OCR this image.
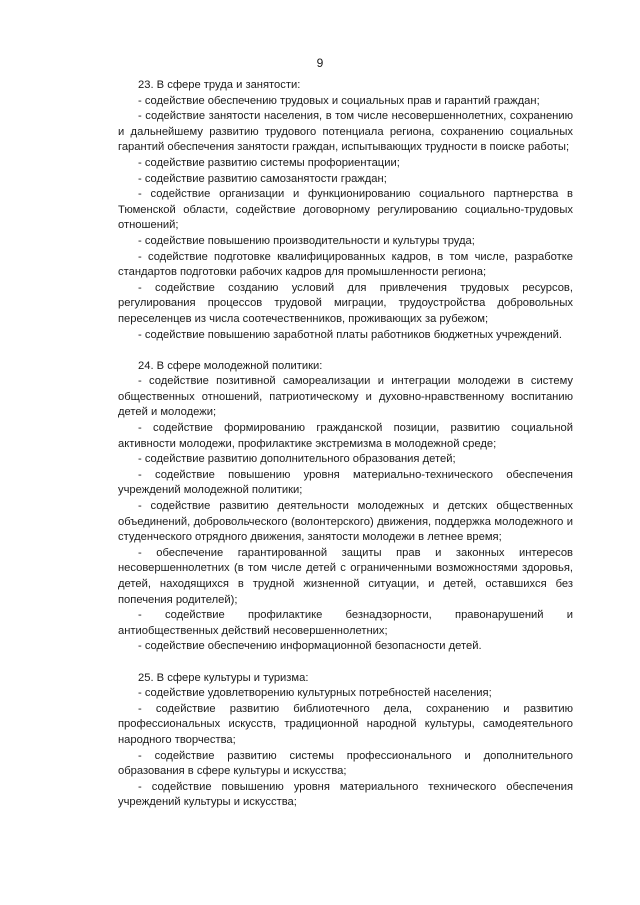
9

23. В сфере труда и занятости:

- содействие обеспечению трудовых и социальных прав и гарантий граждан;

- содействие занятости населения, в том числе несовершеннолетних, сохранению и дальнейшему развитию трудового потенциала региона, сохранению социальных гарантий обеспечения занятости граждан, испытывающих трудности в поиске работы;

- содействие развитию системы профориентации;

- содействие развитию самозанятости граждан;

- содействие организации и функционированию социального партнерства в Тюменской области, содействие договорному регулированию социально-трудовых отношений;

- содействие повышению производительности и культуры труда;

- содействие подготовке квалифицированных кадров, в том числе, разработке стандартов подготовки рабочих кадров для промышленности региона;

- содействие созданию условий для привлечения трудовых ресурсов, регулирования процессов трудовой миграции, трудоустройства добровольных переселенцев из числа соотечественников, проживающих за рубежом;

- содействие повышению заработной платы работников бюджетных учреждений.

24. В сфере молодежной политики:

- содействие позитивной самореализации и интеграции молодежи в систему общественных отношений, патриотическому и духовно-нравственному воспитанию детей и молодежи;

- содействие формированию гражданской позиции, развитию социальной активности молодежи, профилактике экстремизма в молодежной среде;

- содействие развитию дополнительного образования детей;

- содействие повышению уровня материально-технического обеспечения учреждений молодежной политики;

- содействие развитию деятельности молодежных и детских общественных объединений, добровольческого (волонтерского) движения, поддержка молодежного и студенческого отрядного движения, занятости молодежи в летнее время;

- обеспечение гарантированной защиты прав и законных интересов несовершеннолетних (в том числе детей с ограниченными возможностями здоровья, детей, находящихся в трудной жизненной ситуации, и детей, оставшихся без попечения родителей);

- содействие профилактике безнадзорности, правонарушений и антиобщественных действий несовершеннолетних;

- содействие обеспечению информационной безопасности детей.

25. В сфере культуры и туризма:

- содействие удовлетворению культурных потребностей населения;

- содействие развитию библиотечного дела, сохранению и развитию профессиональных искусств, традиционной народной культуры, самодеятельного народного творчества;

- содействие развитию системы профессионального и дополнительного образования в сфере культуры и искусства;

- содействие повышению уровня материального технического обеспечения учреждений культуры и искусства;
